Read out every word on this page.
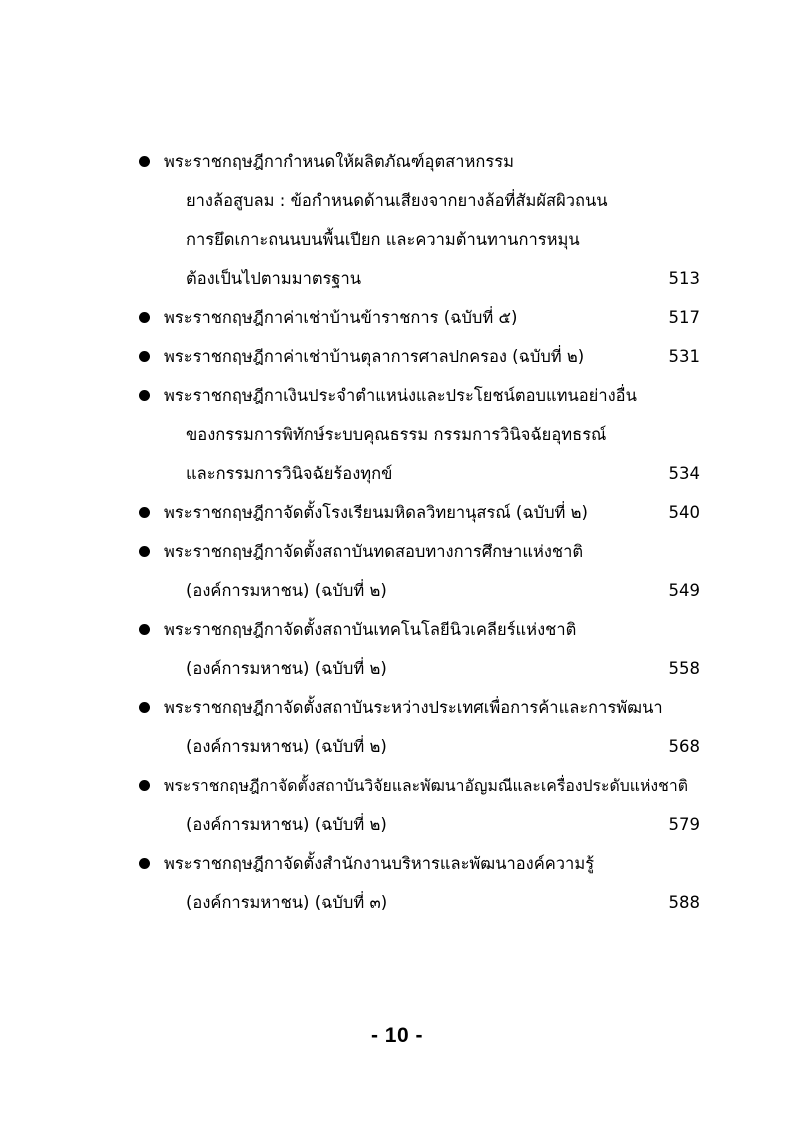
พระราชกฤษฎีกากำหนดให้ผลิตภัณฑ์อุตสาหกรรม
ยางล้อสูบลม : ข้อกำหนดด้านเสียงจากยางล้อที่สัมผัสผิวถนน
การยึดเกาะถนนบนพื้นเปียก และความต้านทานการหมุน
ต้องเป็นไปตามมาตรฐาน	513
พระราชกฤษฎีกาค่าเช่าบ้านข้าราชการ (ฉบับที่ ๕)	517
พระราชกฤษฎีกาค่าเช่าบ้านตุลาการศาลปกครอง (ฉบับที่ ๒)	531
พระราชกฤษฎีกาเงินประจำตำแหน่งและประโยชน์ตอบแทนอย่างอื่น
ของกรรมการพิทักษ์ระบบคุณธรรม กรรมการวินิจฉัยอุทธรณ์
และกรรมการวินิจฉัยร้องทุกข์	534
พระราชกฤษฎีกาจัดตั้งโรงเรียนมหิดลวิทยานุสรณ์ (ฉบับที่ ๒)	540
พระราชกฤษฎีกาจัดตั้งสถาบันทดสอบทางการศึกษาแห่งชาติ
(องค์การมหาชน) (ฉบับที่ ๒)	549
พระราชกฤษฎีกาจัดตั้งสถาบันเทคโนโลยีนิวเคลียร์แห่งชาติ
(องค์การมหาชน) (ฉบับที่ ๒)	558
พระราชกฤษฎีกาจัดตั้งสถาบันระหว่างประเทศเพื่อการค้าและการพัฒนา
(องค์การมหาชน) (ฉบับที่ ๒)	568
พระราชกฤษฎีกาจัดตั้งสถาบันวิจัยและพัฒนาอัญมณีและเครื่องประดับแห่งชาติ
(องค์การมหาชน) (ฉบับที่ ๒)	579
พระราชกฤษฎีกาจัดตั้งสำนักงานบริหารและพัฒนาองค์ความรู้
(องค์การมหาชน) (ฉบับที่ ๓)	588
- 10 -
